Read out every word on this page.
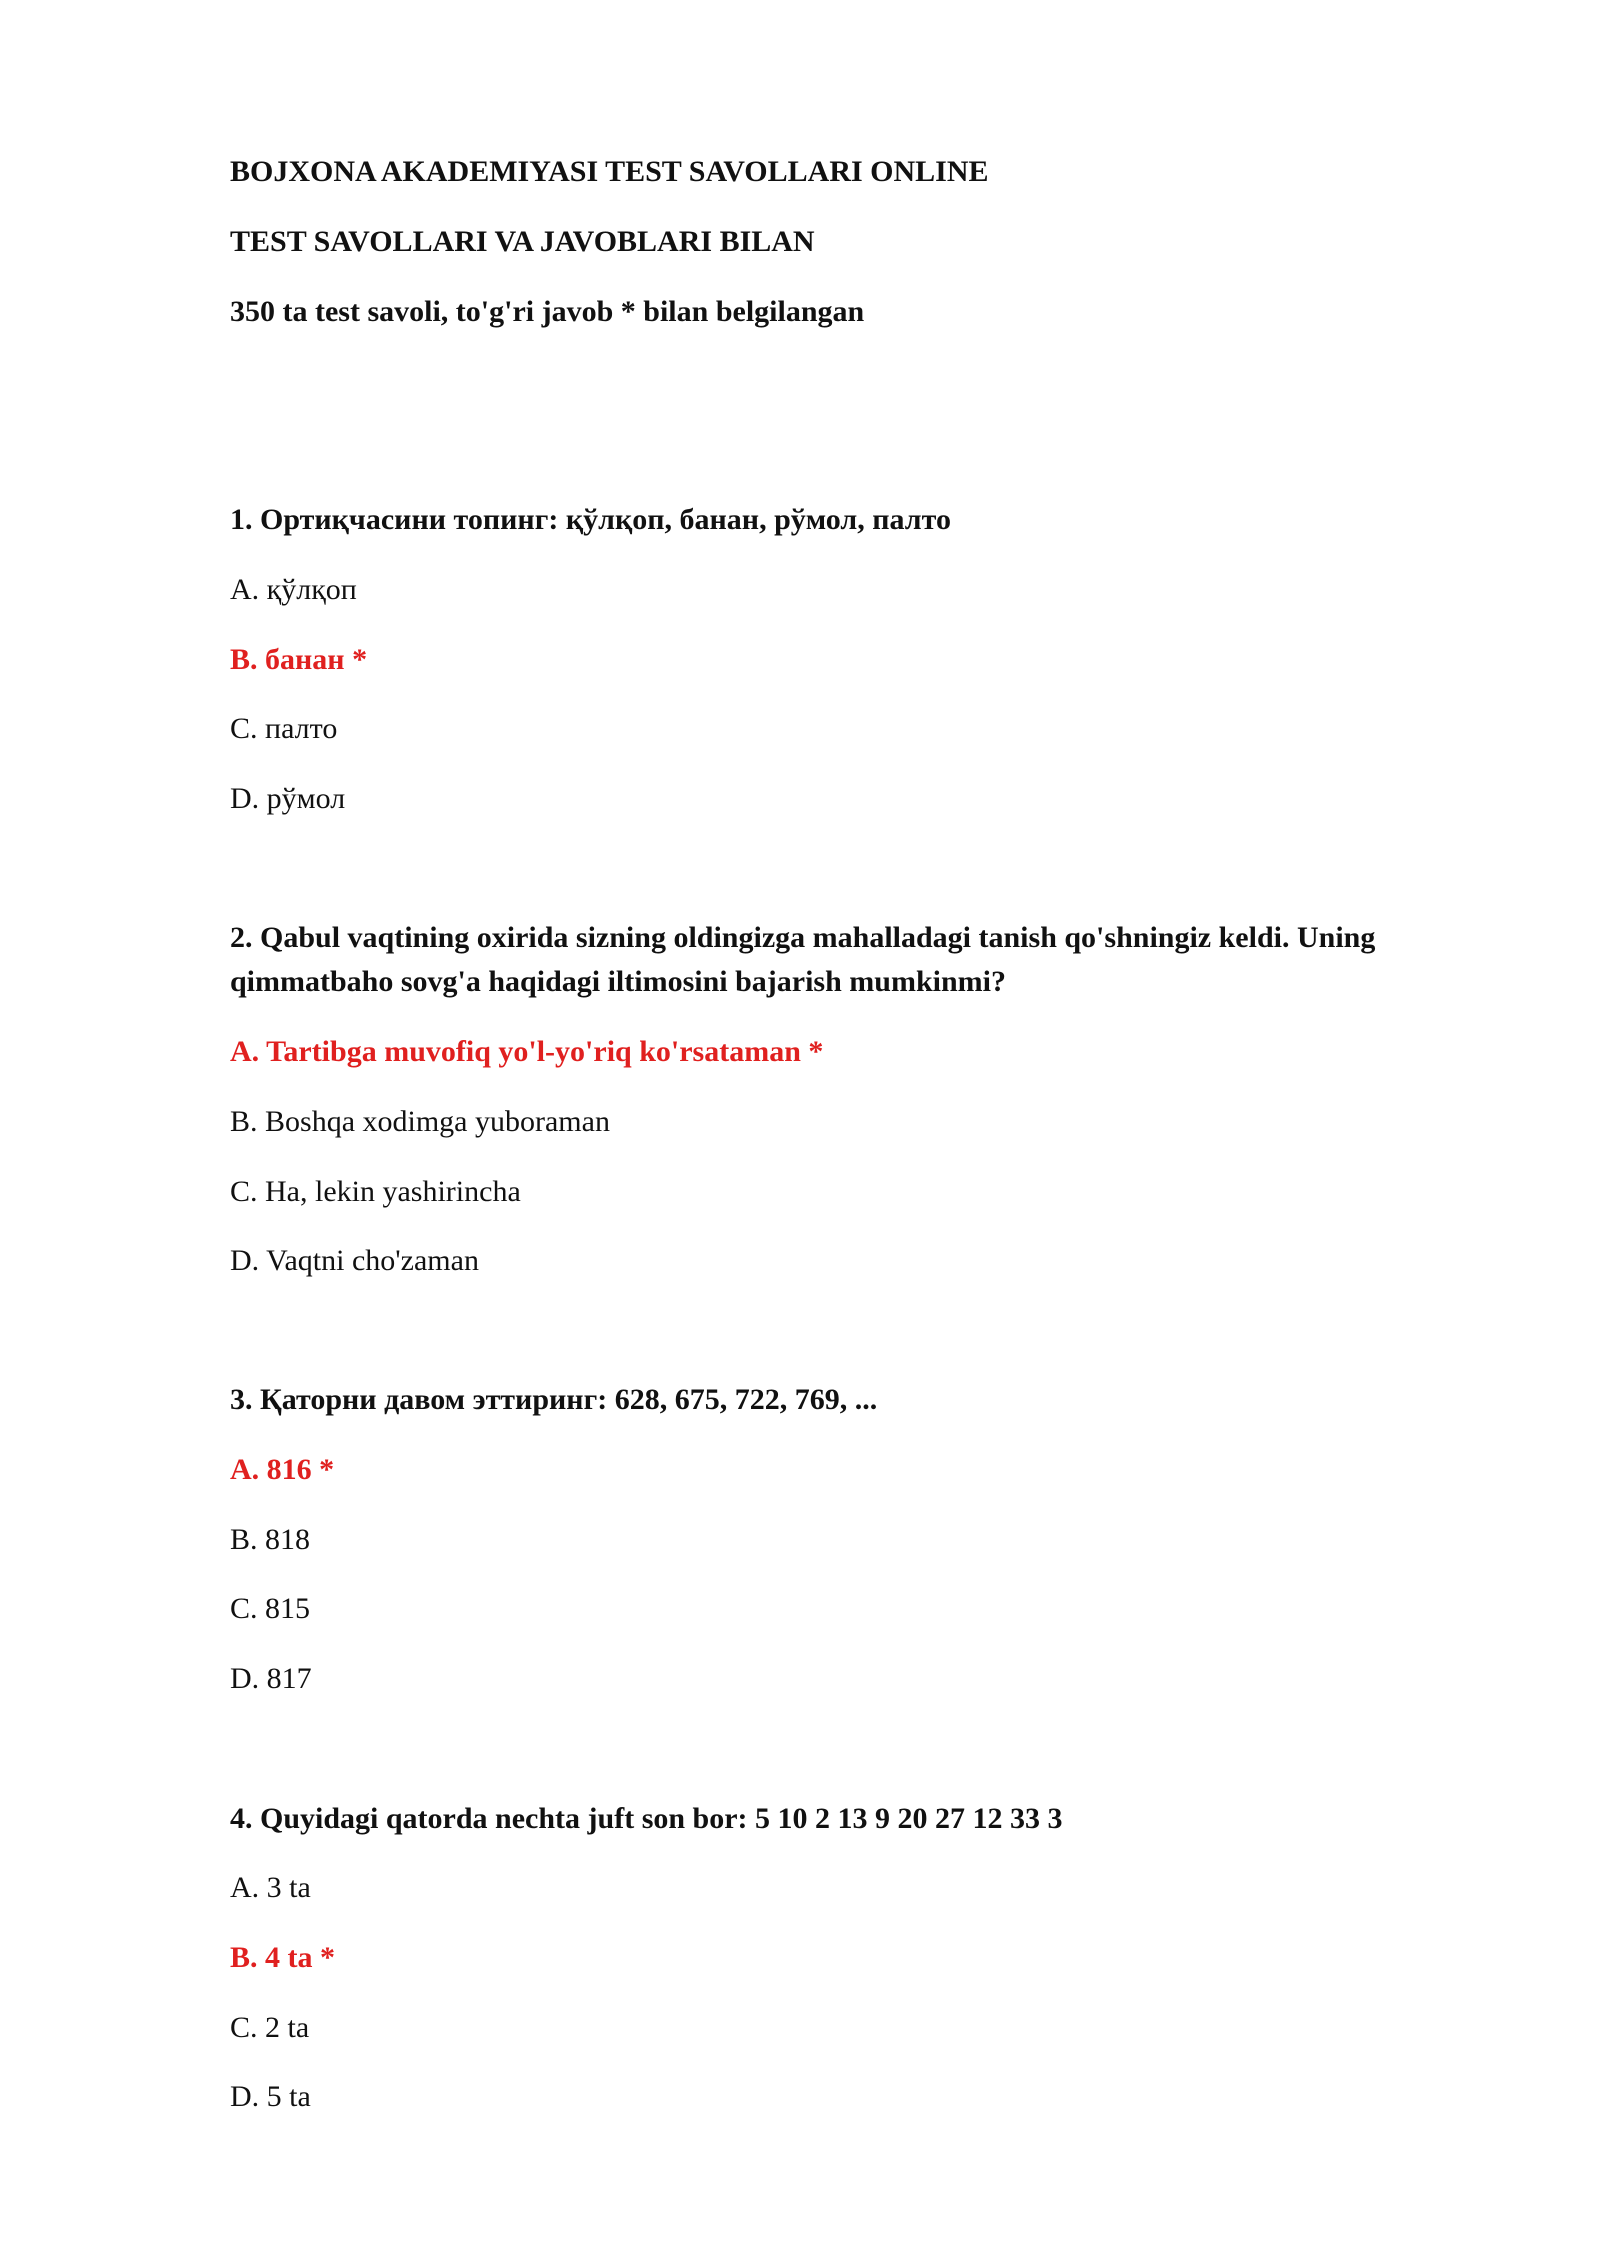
BOJXONA AKADEMIYASI TEST SAVOLLARI ONLINE

TEST SAVOLLARI VA JAVOBLARI BILAN

350 ta test savoli, to'g'ri javob * bilan belgilangan

1. Ортиқчасини топинг: қўлқоп, банан, рўмол, палто

A. қўлқоп

B. банан *

C. палто

D. рўмол

2. Qabul vaqtining oxirida sizning oldingizga mahalladagi tanish qo'shningiz keldi. Uning

qimmatbaho sovg'a haqidagi iltimosini bajarish mumkinmi?

A. Tartibga muvofiq yo'l-yo'riq ko'rsataman *

B. Boshqa xodimga yuboraman

C. Ha, lekin yashirincha

D. Vaqtni cho'zaman

3. Қаторни давом эттиринг: 628, 675, 722, 769, ...

A. 816 *

B. 818

C. 815

D. 817

4. Quyidagi qatorda nechta juft son bor: 5 10 2 13 9 20 27 12 33 3

A. 3 ta

B. 4 ta *

C. 2 ta

D. 5 ta
